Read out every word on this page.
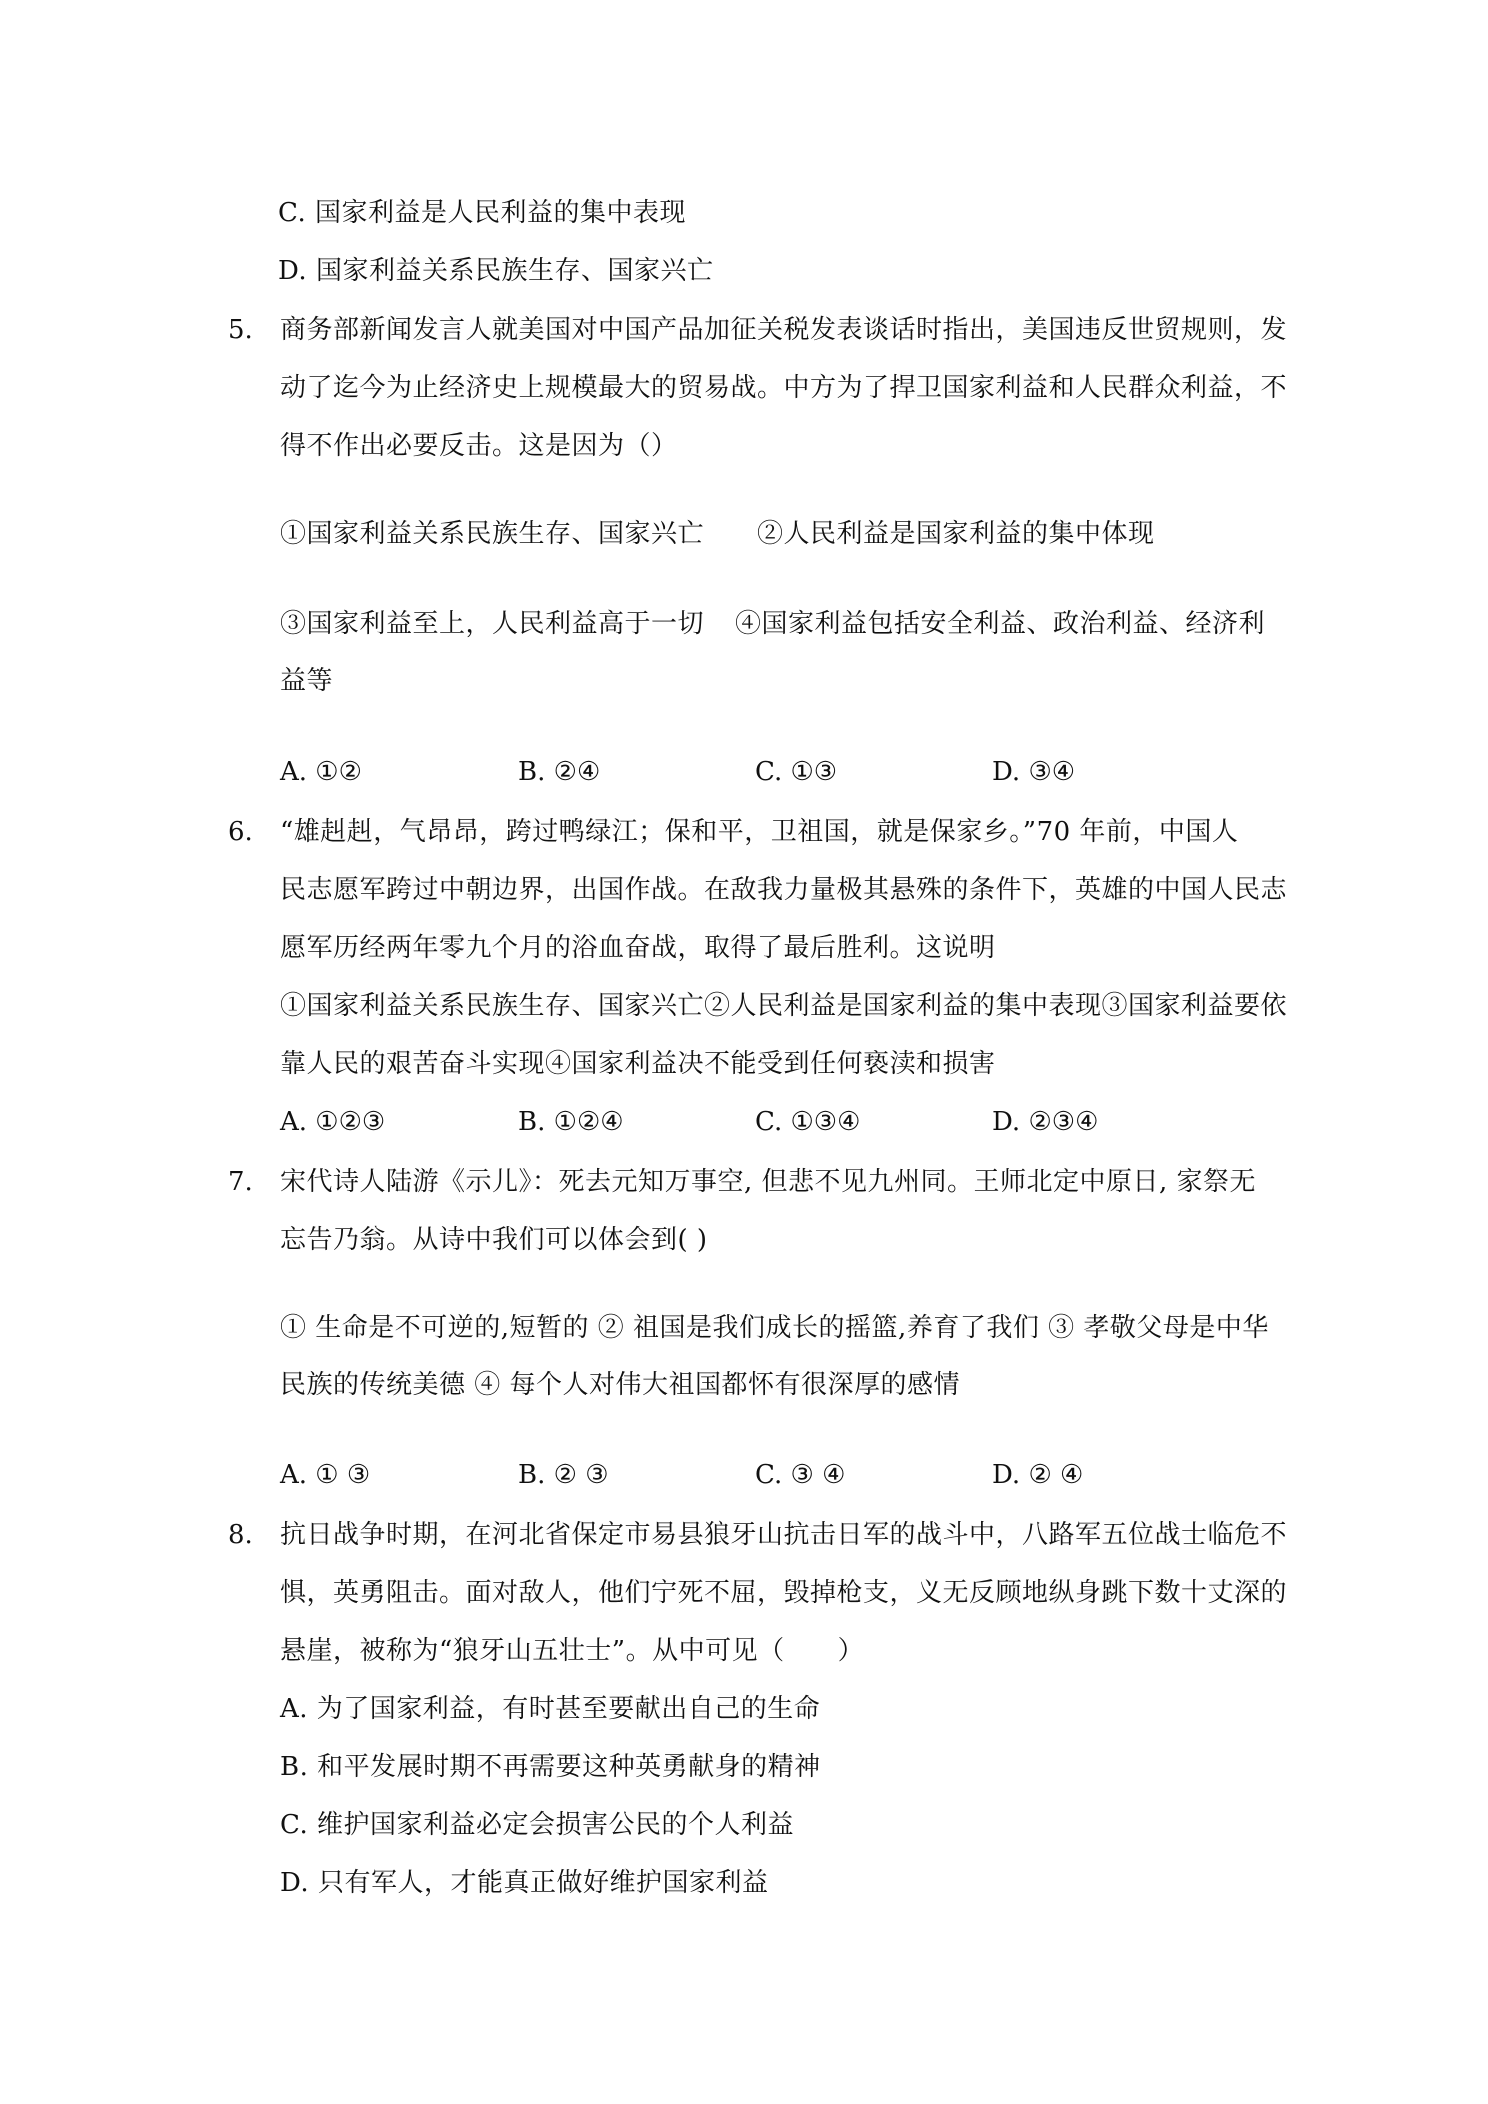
C. 国家利益是人民利益的集中表现
D. 国家利益关系民族生存、国家兴亡
5. 商务部新闻发言人就美国对中国产品加征关税发表谈话时指出，美国违反世贸规则，发
动了迄今为止经济史上规模最大的贸易战。中方为了捍卫国家利益和人民群众利益，不
得不作出必要反击。这是因为（）
①国家利益关系民族生存、国家兴亡 ②人民利益是国家利益的集中体现
③国家利益至上，人民利益高于一切 ④国家利益包括安全利益、政治利益、经济利
益等
A. ①②	B. ②④	C. ①③	D. ③④
6. “雄赳赳，气昂昂，跨过鸭绿江；保和平，卫祖国，就是保家乡。”70 年前，中国人
民志愿军跨过中朝边界，出国作战。在敌我力量极其悬殊的条件下，英雄的中国人民志
愿军历经两年零九个月的浴血奋战，取得了最后胜利。这说明
①国家利益关系民族生存、国家兴亡②人民利益是国家利益的集中表现③国家利益要依
靠人民的艰苦奋斗实现④国家利益决不能受到任何亵渎和损害
A. ①②③	B. ①②④	C. ①③④	D. ②③④
7. 宋代诗人陆游《示儿》：死去元知万事空, 但悲不见九州同。王师北定中原日, 家祭无
忘告乃翁。从诗中我们可以体会到( )
① 生命是不可逆的,短暂的 ② 祖国是我们成长的摇篮,养育了我们 ③ 孝敬父母是中华
民族的传统美德 ④ 每个人对伟大祖国都怀有很深厚的感情
A. ① ③	B. ② ③	C. ③ ④	D. ② ④
8. 抗日战争时期，在河北省保定市易县狼牙山抗击日军的战斗中，八路军五位战士临危不
惧，英勇阻击。面对敌人，他们宁死不屈，毁掉枪支，义无反顾地纵身跳下数十丈深的
悬崖，被称为“狼牙山五壮士”。从中可见（　　）
A. 为了国家利益，有时甚至要献出自己的生命
B. 和平发展时期不再需要这种英勇献身的精神
C. 维护国家利益必定会损害公民的个人利益
D. 只有军人，才能真正做好维护国家利益
